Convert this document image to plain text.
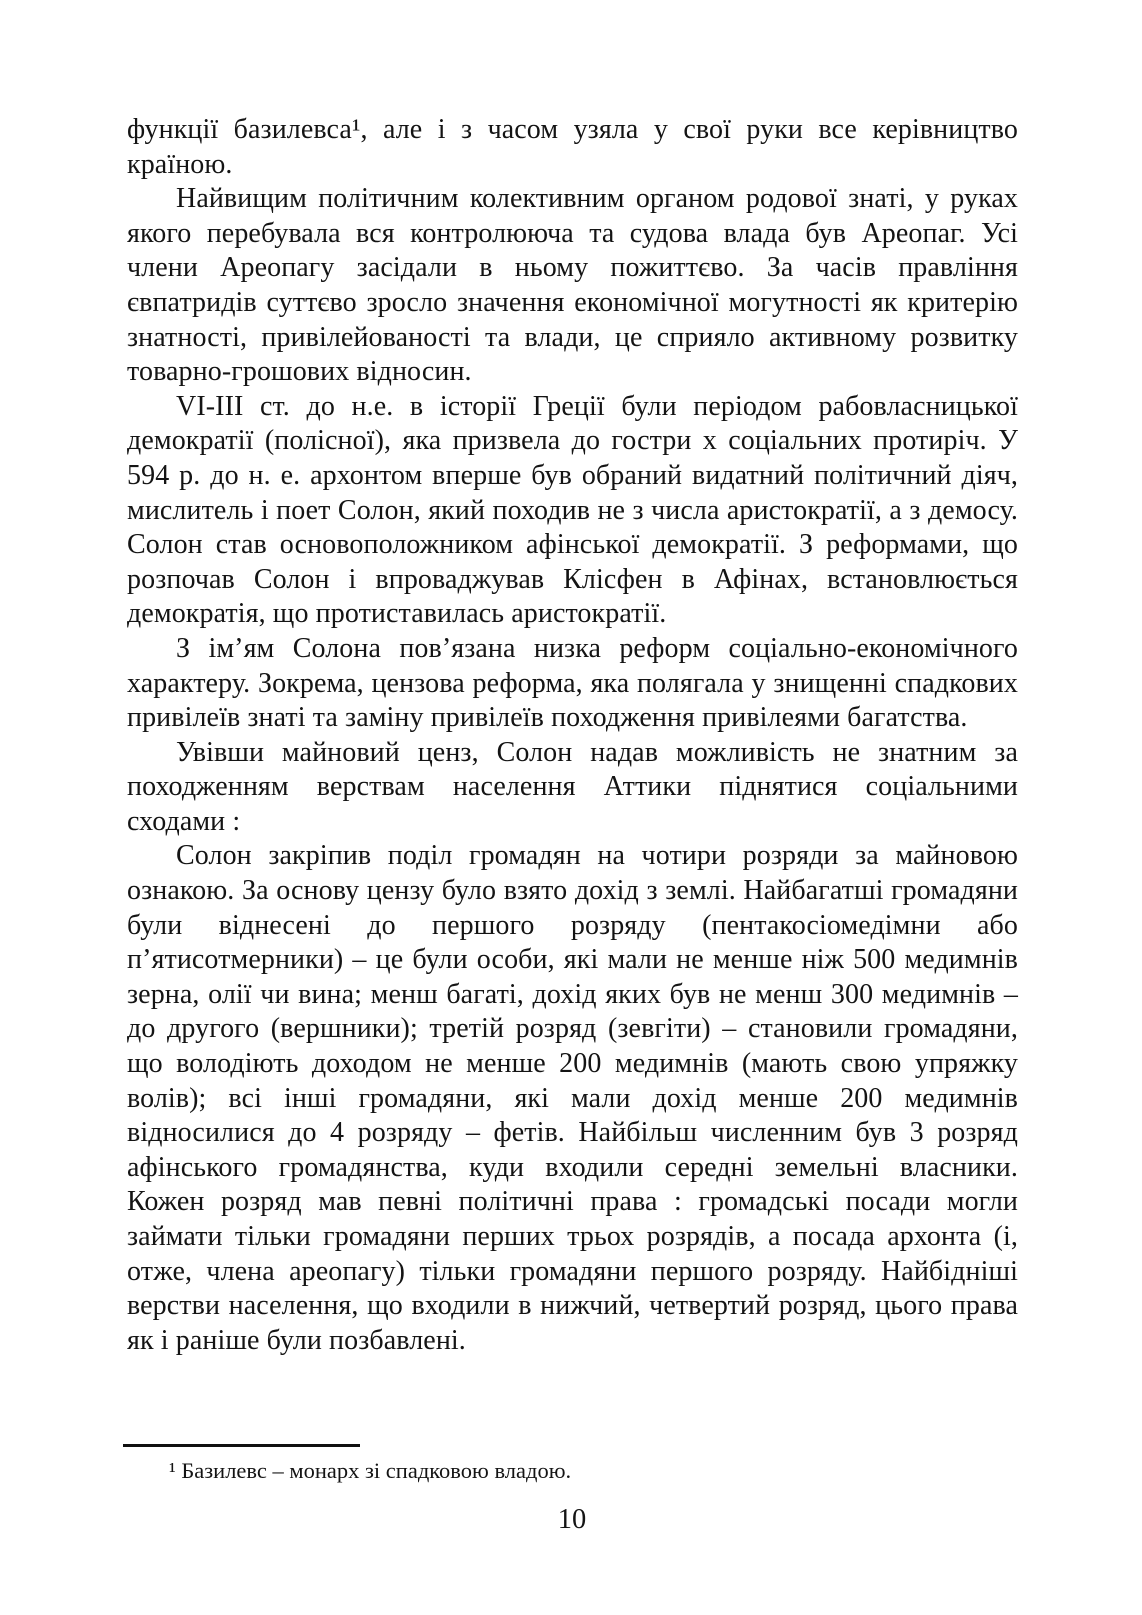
функції базилевса¹, але і з часом узяла у свої руки все керівництво країною.

Найвищим політичним колективним органом родової знаті, у руках якого перебувала вся контролююча та судова влада був Ареопаг. Усі члени Ареопагу засідали в ньому пожиттєво. За часів правління євпатридів суттєво зросло значення економічної могутності як критерію знатності, привілейованості та влади, це сприяло активному розвитку товарно-грошових відносин.

VI-III ст. до н.е. в історії Греції були періодом рабовласницької демократії (полісної), яка призвела до гостри х соціальних протиріч. У 594 р. до н. е. архонтом вперше був обраний видатний політичний діяч, мислитель і поет Солон, який походив не з числа аристократії, а з демосу. Солон став основоположником афінської демократії. З реформами, що розпочав Солон і впроваджував Клісфен в Афінах, встановлюється демократія, що протиставилась аристократії.

З ім’ям Солона пов’язана низка реформ соціально-економічного характеру. Зокрема, цензова реформа, яка полягала у знищенні спадкових привілеїв знаті та заміну привілеїв походження привілеями багатства.

Увівши майновий ценз, Солон надав можливість не знатним за походженням верствам населення Аттики піднятися соціальними сходами :

Солон закріпив поділ громадян на чотири розряди за майновою ознакою. За основу цензу було взято дохід з землі. Найбагатші громадяни були віднесені до першого розряду (пентакосіомедімни або п’ятисотмерники) – це були особи, які мали не менше ніж 500 медимнів зерна, олії чи вина; менш багаті, дохід яких був не менш 300 медимнів – до другого (вершники); третій розряд (зевгіти) – становили громадяни, що володіють доходом не менше 200 медимнів (мають свою упряжку волів); всі інші громадяни, які мали дохід менше 200 медимнів відносилися до 4 розряду – фетів. Найбільш численним був 3 розряд афінського громадянства, куди входили середні земельні власники. Кожен розряд мав певні політичні права : громадські посади могли займати тільки громадяни перших трьох розрядів, а посада архонта (і, отже, члена ареопагу) тільки громадяни першого розряду. Найбідніші верстви населення, що входили в нижчий, четвертий розряд, цього права як і раніше були позбавлені.

¹ Базилевс – монарх зі спадковою владою.
10
